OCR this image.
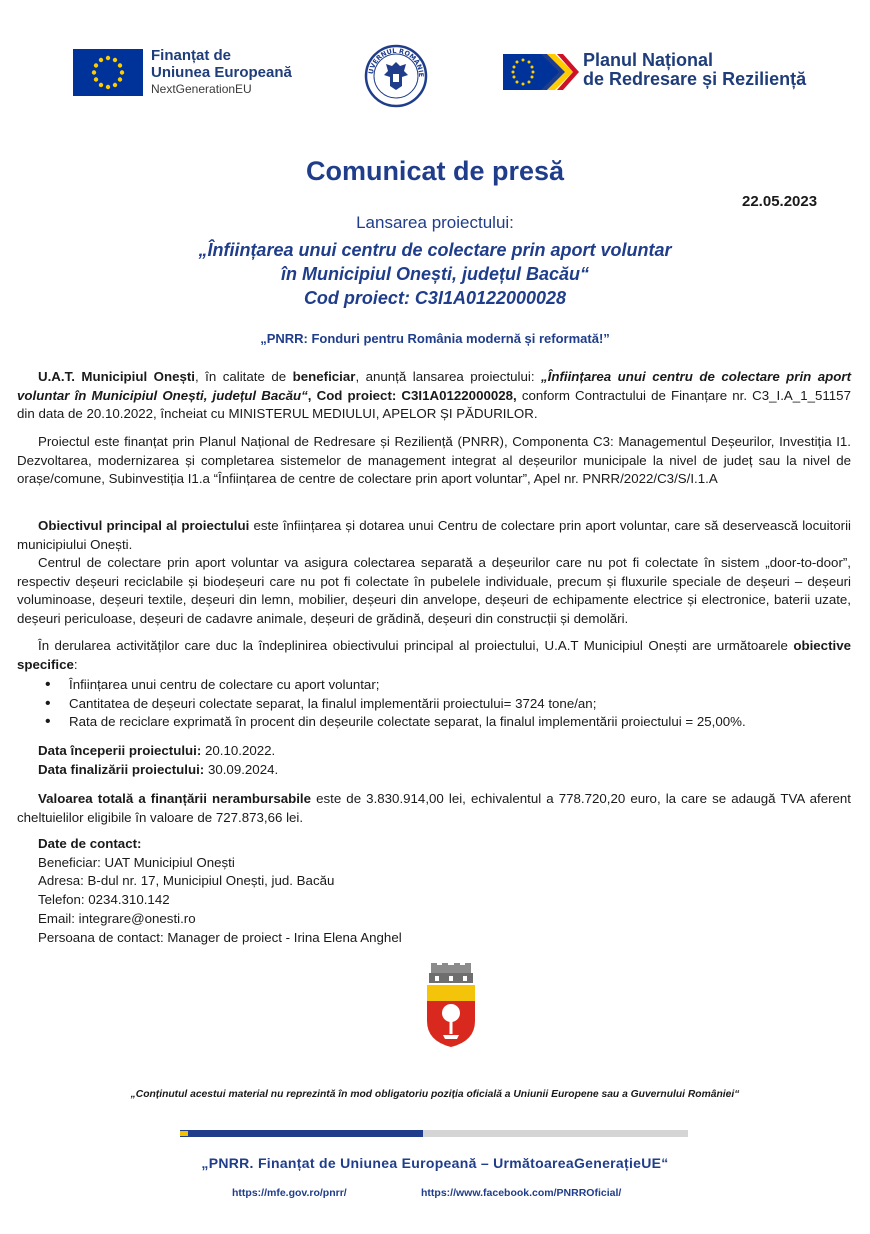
Finanțat de
Uniunea Europeană
NextGenerationEU
UVERNUL ROMÂNIE
Planul Național
de Redresare și Reziliență
Comunicat de presă
22.05.2023
Lansarea proiectului:
„Înființarea unui centru de colectare prin aport voluntar
în Municipiul Onești, județul Bacău“
Cod proiect: C3I1A0122000028
„PNRR: Fonduri pentru România modernă și reformată!”
U.A.T. Municipiul Onești, în calitate de beneficiar, anunță lansarea proiectului: „Înființarea unui centru de colectare prin aport voluntar în Municipiul Onești, județul Bacău“, Cod proiect: C3I1A0122000028, conform Contractului de Finanțare nr. C3_I.A_1_51157 din data de 20.10.2022, încheiat cu MINISTERUL MEDIULUI, APELOR ȘI PĂDURILOR.
Proiectul este finanțat prin Planul Național de Redresare și Reziliență (PNRR), Componenta C3: Managementul Deșeurilor, Investiția I1. Dezvoltarea, modernizarea și completarea sistemelor de management integrat al deșeurilor municipale la nivel de județ sau la nivel de orașe/comune, Subinvestiția I1.a “Înființarea de centre de colectare prin aport voluntar”, Apel nr. PNRR/2022/C3/S/I.1.A
Obiectivul principal al proiectului este înființarea și dotarea unui Centru de colectare prin aport voluntar, care să deservească locuitorii municipiului Onești.
Centrul de colectare prin aport voluntar va asigura colectarea separată a deșeurilor care nu pot fi colectate în sistem „door-to-door”, respectiv deșeuri reciclabile și biodeșeuri care nu pot fi colectate în pubelele individuale, precum și fluxurile speciale de deșeuri – deșeuri voluminoase, deșeuri textile, deșeuri din lemn, mobilier, deșeuri din anvelope, deșeuri de echipamente electrice și electronice, baterii uzate, deșeuri periculoase, deșeuri de cadavre animale, deșeuri de grădină, deșeuri din construcții și demolări.
În derularea activităților care duc la îndeplinirea obiectivului principal al proiectului, U.A.T Municipiul Onești are următoarele obiective specifice:
• Înființarea unui centru de colectare cu aport voluntar;
• Cantitatea de deșeuri colectate separat, la finalul implementării proiectului= 3724 tone/an;
• Rata de reciclare exprimată în procent din deșeurile colectate separat, la finalul implementării proiectului = 25,00%.
Data începerii proiectului: 20.10.2022.
Data finalizării proiectului: 30.09.2024.
Valoarea totală a finanțării nerambursabile este de 3.830.914,00 lei, echivalentul a 778.720,20 euro, la care se adaugă TVA aferent cheltuielilor eligibile în valoare de 727.873,66 lei.
Date de contact:
Beneficiar: UAT Municipiul Onești
Adresa: B-dul nr. 17, Municipiul Onești, jud. Bacău
Telefon: 0234.310.142
Email: integrare@onesti.ro
Persoana de contact: Manager de proiect - Irina Elena Anghel
„Conținutul acestui material nu reprezintă în mod obligatoriu poziția oficială a Uniunii Europene sau a Guvernului României“
„PNRR. Finanțat de Uniunea Europeană – UrmătoareaGenerațieUE“
https://mfe.gov.ro/pnrr/	https://www.facebook.com/PNRROficial/
